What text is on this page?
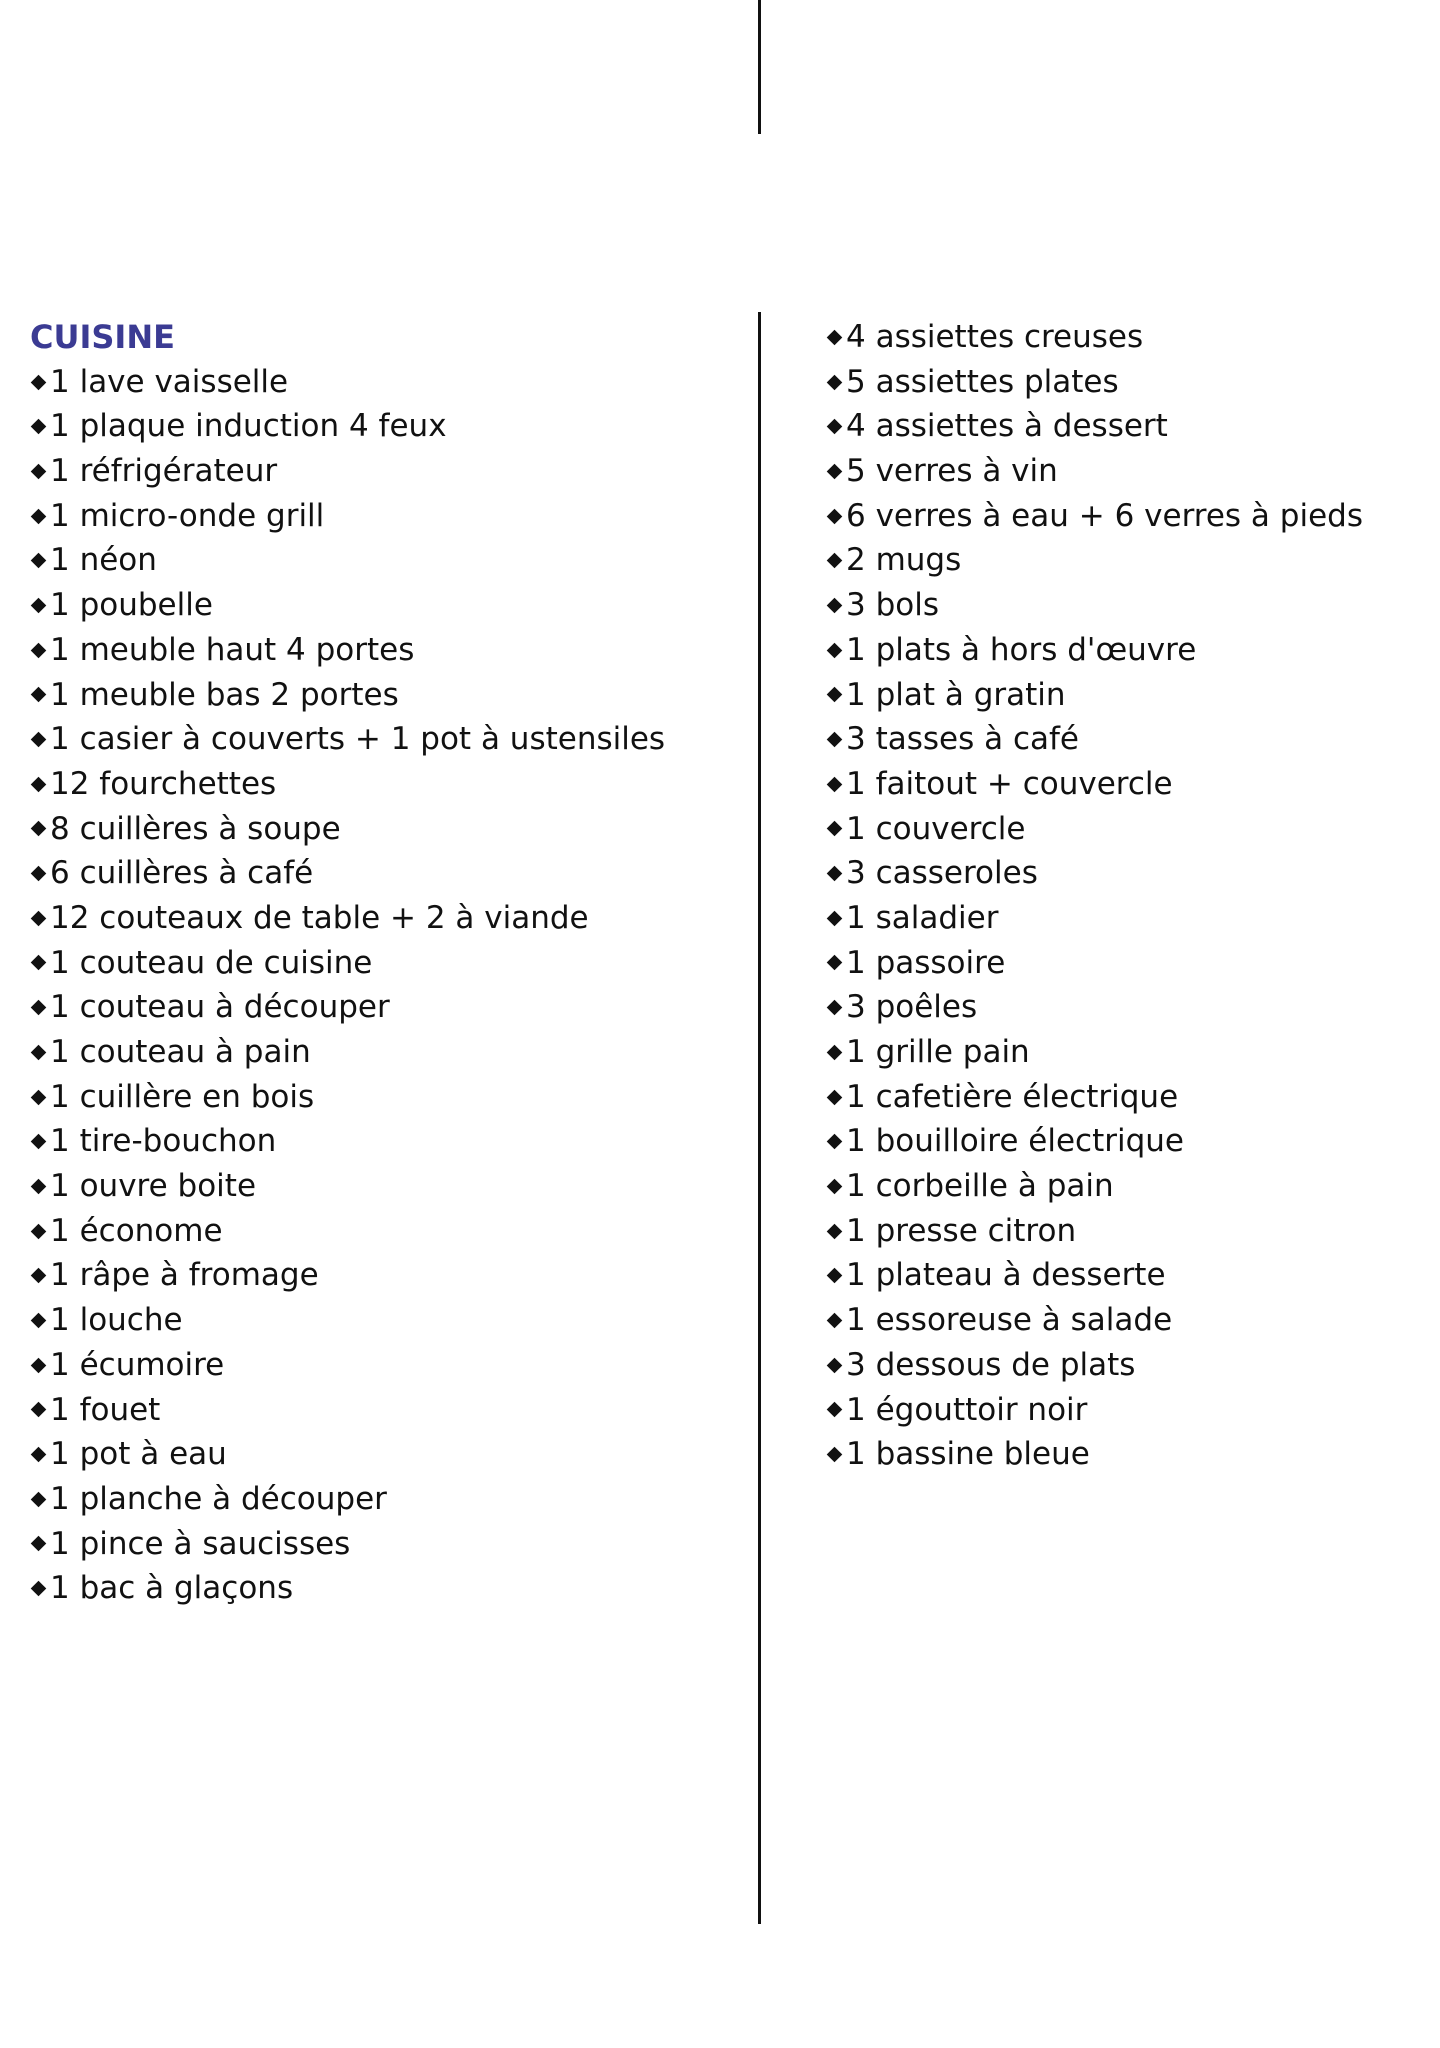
CUISINE
1 lave vaisselle
1 plaque induction 4 feux
1 réfrigérateur
1 micro-onde grill
1 néon
1 poubelle
1 meuble haut 4 portes
1 meuble bas 2 portes
1 casier à couverts + 1 pot à ustensiles
12 fourchettes
8 cuillères à soupe
6 cuillères à café
12 couteaux de table + 2 à viande
1 couteau de cuisine
1 couteau à découper
1 couteau à pain
1 cuillère en bois
1 tire-bouchon
1 ouvre boite
1 économe
1 râpe à fromage
1 louche
1 écumoire
1 fouet
1 pot à eau
1 planche à découper
1 pince à saucisses
1 bac à glaçons
4 assiettes creuses
5 assiettes plates
4 assiettes à dessert
5 verres à vin
6 verres à eau + 6 verres à pieds
2 mugs
3 bols
1 plats à hors d'œuvre
1 plat à gratin
3 tasses à café
1 faitout + couvercle
1 couvercle
3 casseroles
1 saladier
1 passoire
3 poêles
1 grille pain
1 cafetière électrique
1 bouilloire électrique
1 corbeille à pain
1 presse citron
1 plateau à desserte
1 essoreuse à salade
3 dessous de plats
1 égouttoir noir
1 bassine bleue
